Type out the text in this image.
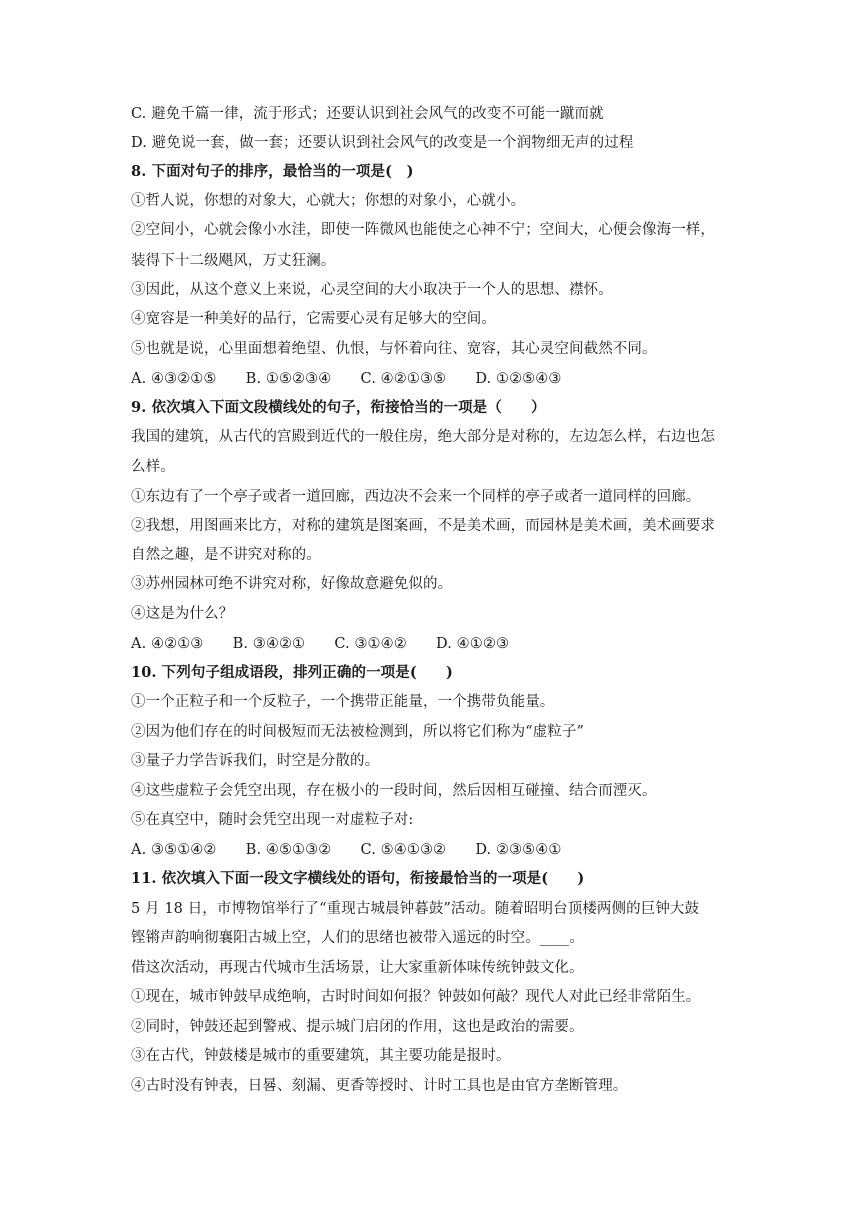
C. 避免千篇一律，流于形式；还要认识到社会风气的改变不可能一蹴而就
D. 避免说一套，做一套；还要认识到社会风气的改变是一个润物细无声的过程
8. 下面对句子的排序，最恰当的一项是(　)
①哲人说，你想的对象大，心就大；你想的对象小，心就小。
②空间小，心就会像小水洼，即使一阵微风也能使之心神不宁；空间大，心便会像海一样，
装得下十二级飓风，万丈狂澜。
③因此，从这个意义上来说，心灵空间的大小取决于一个人的思想、襟怀。
④宽容是一种美好的品行，它需要心灵有足够大的空间。
⑤也就是说，心里面想着绝望、仇恨，与怀着向往、宽容，其心灵空间截然不同。
A. ④③②①⑤　　B. ①⑤②③④　　C. ④②①③⑤　　D. ①②⑤④③
9. 依次填入下面文段横线处的句子，衔接恰当的一项是（　　）
我国的建筑，从古代的宫殿到近代的一般住房，绝大部分是对称的，左边怎么样，右边也怎
么样。
①东边有了一个亭子或者一道回廊，西边决不会来一个同样的亭子或者一道同样的回廊。
②我想，用图画来比方，对称的建筑是图案画，不是美术画，而园林是美术画，美术画要求
自然之趣，是不讲究对称的。
③苏州园林可绝不讲究对称，好像故意避免似的。
④这是为什么？
A. ④②①③　　B. ③④②①　　C. ③①④②　　D. ④①②③
10. 下列句子组成语段，排列正确的一项是(　　)
①一个正粒子和一个反粒子，一个携带正能量，一个携带负能量。
②因为他们存在的时间极短而无法被检测到，所以将它们称为“虚粒子”
③量子力学告诉我们，时空是分散的。
④这些虚粒子会凭空出现，存在极小的一段时间，然后因相互碰撞、结合而湮灭。
⑤在真空中，随时会凭空出现一对虚粒子对:
A. ③⑤①④②　　B. ④⑤①③②　　C. ⑤④①③②　　D. ②③⑤④①
11. 依次填入下面一段文字横线处的语句，衔接最恰当的一项是(　　)
5 月 18 日，市博物馆举行了“重现古城晨钟暮鼓”活动。随着昭明台顶楼两侧的巨钟大鼓
铿锵声韵响彻襄阳古城上空，人们的思绪也被带入遥远的时空。____。
借这次活动，再现古代城市生活场景，让大家重新体味传统钟鼓文化。
①现在，城市钟鼓早成绝响，古时时间如何报？钟鼓如何敲？现代人对此已经非常陌生。
②同时，钟鼓还起到警戒、提示城门启闭的作用，这也是政治的需要。
③在古代，钟鼓楼是城市的重要建筑，其主要功能是报时。
④古时没有钟表，日晷、刻漏、更香等授时、计时工具也是由官方垄断管理。
